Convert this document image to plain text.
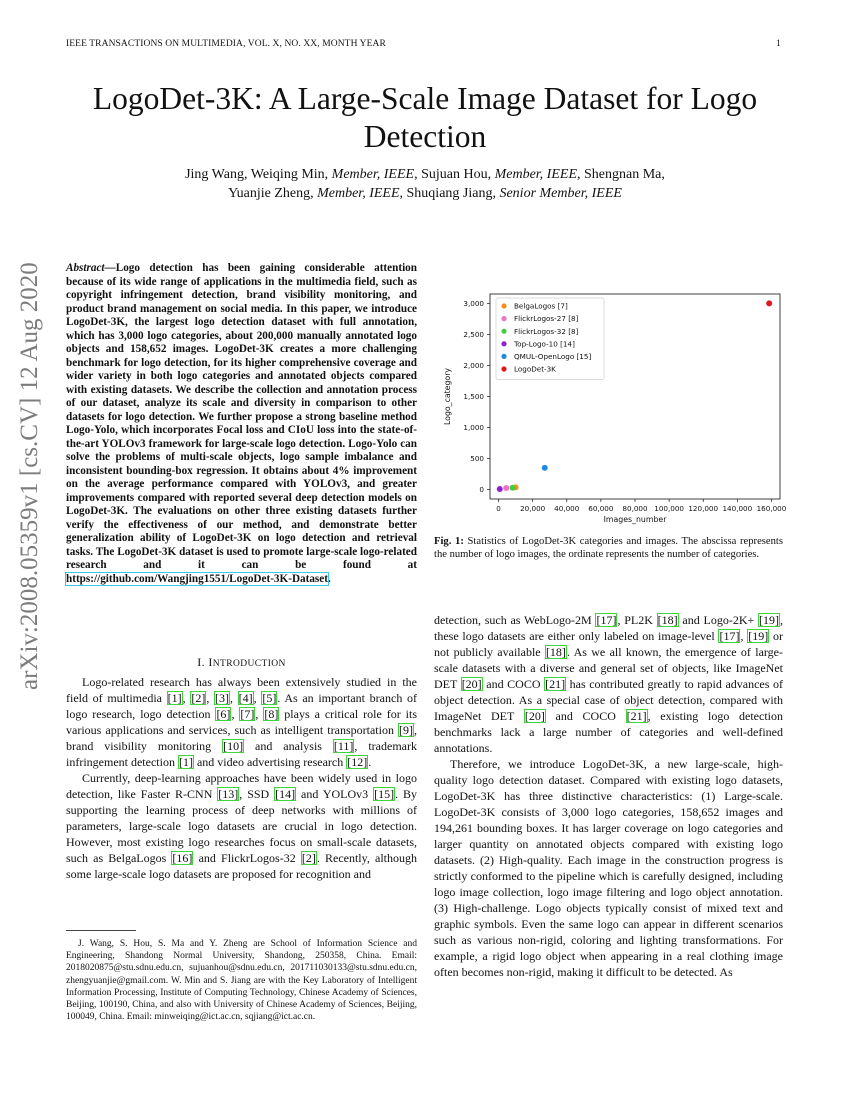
IEEE TRANSACTIONS ON MULTIMEDIA, VOL. X, NO. XX, MONTH YEAR	1
LogoDet-3K: A Large-Scale Image Dataset for Logo Detection
Jing Wang, Weiqing Min, Member, IEEE, Sujuan Hou, Member, IEEE, Shengnan Ma,
Yuanjie Zheng, Member, IEEE, Shuqiang Jiang, Senior Member, IEEE
arXiv:2008.05359v1 [cs.CV] 12 Aug 2020 Abstract—Logo detection has been gaining considerable attention because of its wide range of applications in the multimedia field, such as copyright infringement detection, brand visibility monitoring, and product brand management on social media. In this paper, we introduce LogoDet-3K, the largest logo detection dataset with full annotation, which has 3,000 logo categories, about 200,000 manually annotated logo objects and 158,652 images. LogoDet-3K creates a more challenging benchmark for logo detection, for its higher comprehensive coverage and wider variety in both logo categories and annotated objects compared with existing datasets. We describe the collection and annotation process of our dataset, analyze its scale and diversity in comparison to other datasets for logo detection. We further propose a strong baseline method Logo-Yolo, which incorporates Focal loss and CIoU loss into the state-of-the-art YOLOv3 framework for large-scale logo detection. Logo-Yolo can solve the problems of multi-scale objects, logo sample imbalance and inconsistent bounding-box regression. It obtains about 4% improvement on the average performance compared with YOLOv3, and greater improvements compared with reported several deep detection models on LogoDet-3K. The evaluations on other three existing datasets further verify the effectiveness of our method, and demonstrate better generalization ability of LogoDet-3K on logo detection and retrieval tasks. The LogoDet-3K dataset is used to promote large-scale logo-related research and it can be found at https://github.com/Wangjing1551/LogoDet-3K-Dataset.
I. INTRODUCTION

Logo-related research has always been extensively studied in the field of multimedia [1], [2], [3], [4], [5]. As an important branch of logo research, logo detection [6], [7], [8] plays a critical role for its various applications and services, such as intelligent transportation [9], brand visibility monitoring [10] and analysis [11], trademark infringement detection [1] and video advertising research [12].

Currently, deep-learning approaches have been widely used in logo detection, like Faster R-CNN [13], SSD [14] and YOLOv3 [15]. By supporting the learning process of deep networks with millions of parameters, large-scale logo datasets are crucial in logo detection. However, most existing logo researches focus on small-scale datasets, such as BelgaLogos [16] and FlickrLogos-32 [2]. Recently, although some large-scale logo datasets are proposed for recognition and

J. Wang, S. Hou, S. Ma and Y. Zheng are School of Information Science and Engineering, Shandong Normal University, Shandong, 250358, China. Email: 2018020875@stu.sdnu.edu.cn, sujuanhou@sdnu.edu.cn, 201711030133@stu.sdnu.edu.cn, zhengyuanjie@gmail.com. W. Min and S. Jiang are with the Key Laboratory of Intelligent Information Processing, Institute of Computing Technology, Chinese Academy of Sciences, Beijing, 100190, China, and also with University of Chinese Academy of Sciences, Beijing, 100049, China. Email: minweiqing@ict.ac.cn, sqjiang@ict.ac.cn.
0	20,000 40,000 60,000 80,000 100,000 120,000 140,000 160,000
0
500
1,000
1,500
2,000
2,500
3,000
Images_number
Logo_category
BelgaLogos [7]
FlickrLogos-27 [8]
FlickrLogos-32 [8]
Top-Logo-10 [14]
QMUL-OpenLogo [15]
LogoDet-3K
Fig. 1: Statistics of LogoDet-3K categories and images. The abscissa represents the number of logo images, the ordinate represents the number of categories.

detection, such as WebLogo-2M [17], PL2K [18] and Logo-2K+ [19], these logo datasets are either only labeled on image-level [17], [19] or not publicly available [18]. As we all known, the emergence of large-scale datasets with a diverse and general set of objects, like ImageNet DET [20] and COCO [21] has contributed greatly to rapid advances of object detection. As a special case of object detection, compared with ImageNet DET [20] and COCO [21], existing logo detection benchmarks lack a large number of categories and well-defined annotations.

Therefore, we introduce LogoDet-3K, a new large-scale, high-quality logo detection dataset. Compared with existing logo datasets, LogoDet-3K has three distinctive characteristics: (1) Large-scale. LogoDet-3K consists of 3,000 logo categories, 158,652 images and 194,261 bounding boxes. It has larger coverage on logo categories and larger quantity on annotated objects compared with existing logo datasets. (2) High-quality. Each image in the construction progress is strictly conformed to the pipeline which is carefully designed, including logo image collection, logo image filtering and logo object annotation. (3) High-challenge. Logo objects typically consist of mixed text and graphic symbols. Even the same logo can appear in different scenarios such as various non-rigid, coloring and lighting transformations. For example, a rigid logo object when appearing in a real clothing image often becomes non-rigid, making it difficult to be detected. As
